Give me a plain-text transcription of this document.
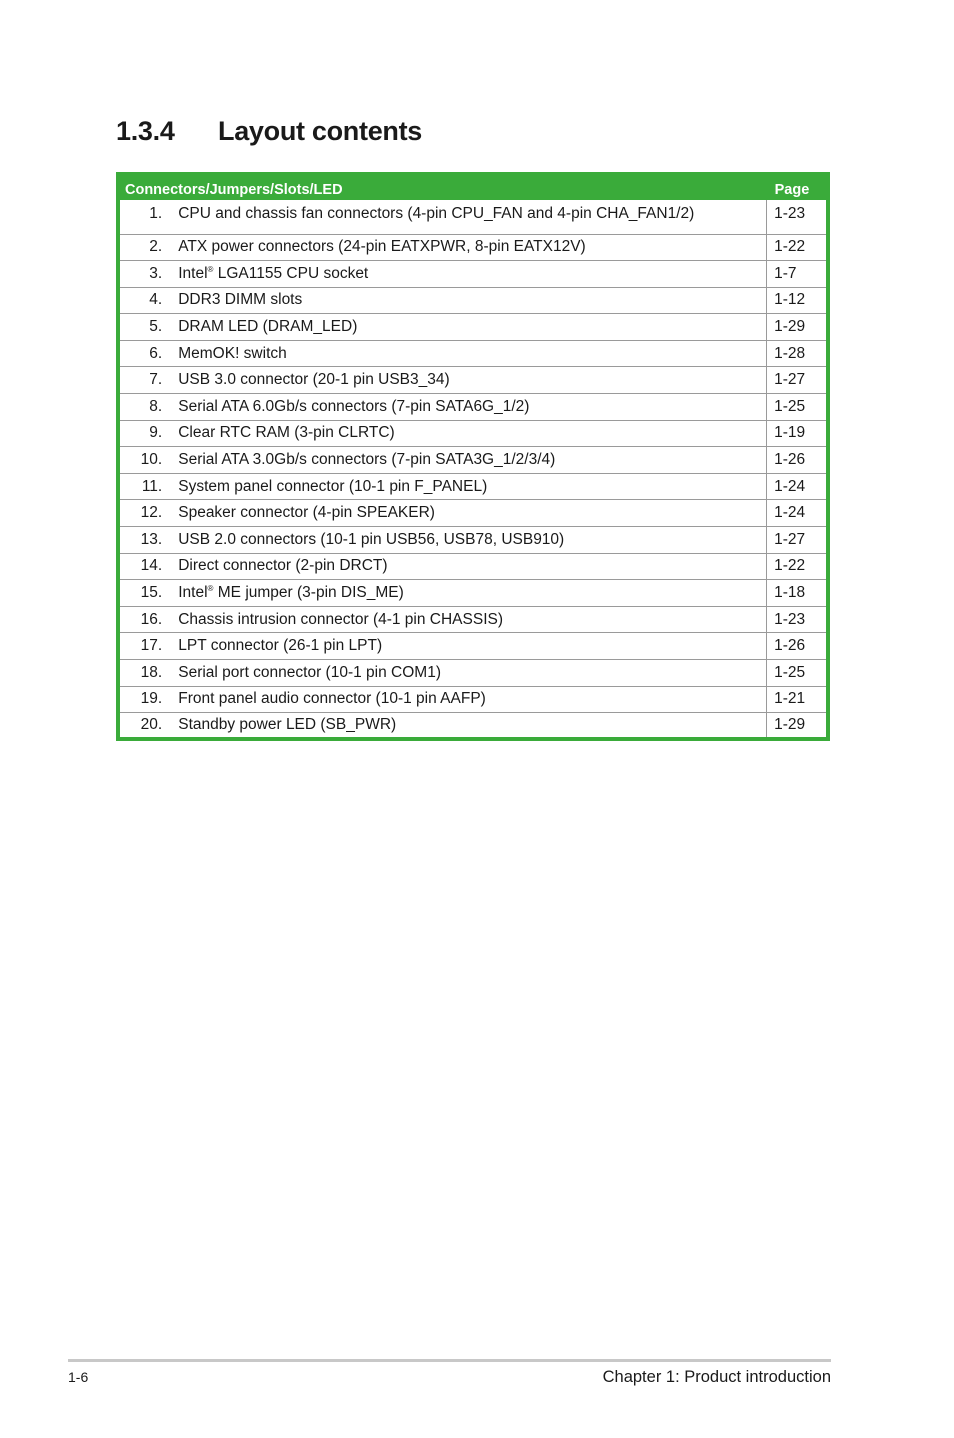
1.3.4 Layout contents
Connectors/Jumpers/Slots/LED		Page
1.	CPU and chassis fan connectors (4-pin CPU_FAN and 4-pin CHA_FAN1/2)	1-23
2.	ATX power connectors (24-pin EATXPWR, 8-pin EATX12V)	1-22
3.	Intel® LGA1155 CPU socket	1-7
4.	DDR3 DIMM slots	1-12
5.	DRAM LED (DRAM_LED)	1-29
6.	MemOK! switch	1-28
7.	USB 3.0 connector (20-1 pin USB3_34)	1-27
8.	Serial ATA 6.0Gb/s connectors (7-pin SATA6G_1/2)	1-25
9.	Clear RTC RAM (3-pin CLRTC)	1-19
10.	Serial ATA 3.0Gb/s connectors (7-pin SATA3G_1/2/3/4)	1-26
11.	System panel connector (10-1 pin F_PANEL)	1-24
12.	Speaker connector (4-pin SPEAKER)	1-24
13.	USB 2.0 connectors (10-1 pin USB56, USB78, USB910)	1-27
14.	Direct connector (2-pin DRCT)	1-22
15.	Intel® ME jumper (3-pin DIS_ME)	1-18
16.	Chassis intrusion connector (4-1 pin CHASSIS)	1-23
17.	LPT connector (26-1 pin LPT)	1-26
18.	Serial port connector (10-1 pin COM1)	1-25
19.	Front panel audio connector (10-1 pin AAFP)	1-21
20.	Standby power LED (SB_PWR)	1-29
1-6	Chapter 1: Product introduction
